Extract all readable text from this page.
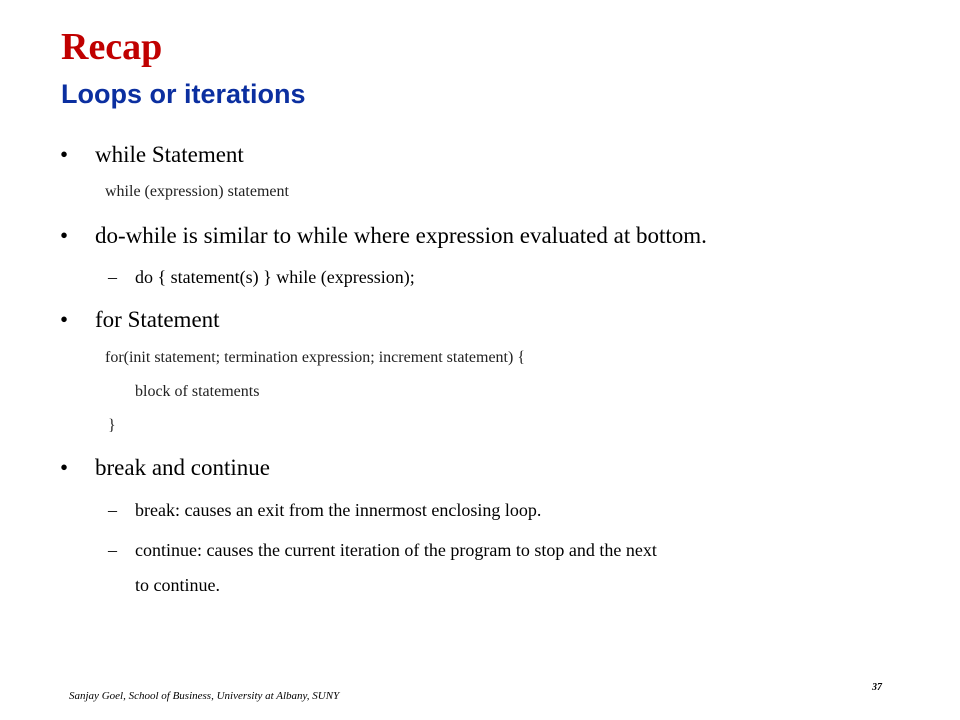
Recap
Loops or iterations
• while Statement
while (expression) statement
• do-while is similar to while where expression evaluated at bottom.
– do { statement(s) } while (expression);
• for Statement
for(init statement; termination expression; increment statement) {
block of statements
}
• break and continue
– break: causes an exit from the innermost enclosing loop.
– continue: causes the current iteration of the program to stop and the next
to continue.
Sanjay Goel, School of Business, University at Albany, SUNY
37
